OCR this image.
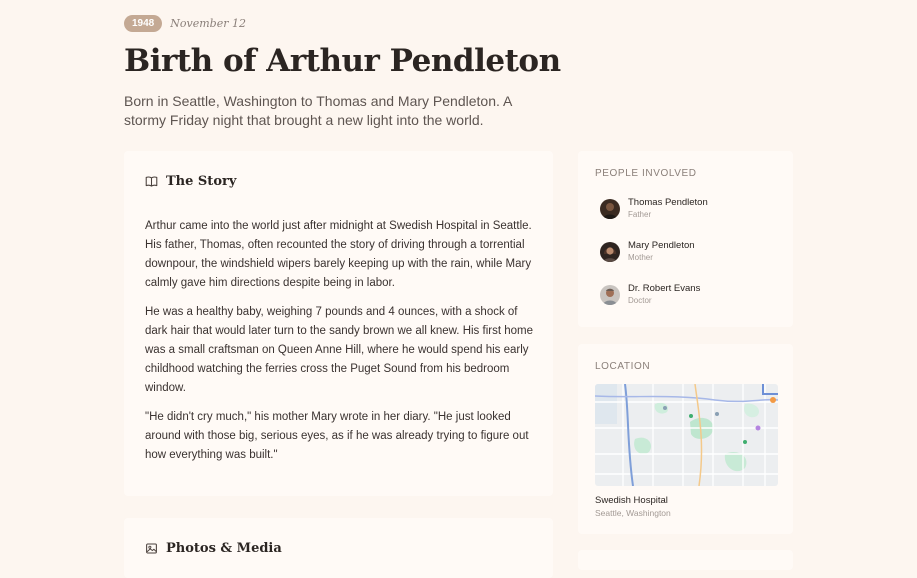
1948	November 12
Birth of Arthur Pendleton
Born in Seattle, Washington to Thomas and Mary Pendleton. A stormy Friday night that brought a new light into the world.
The Story

Arthur came into the world just after midnight at Swedish Hospital in Seattle. His father, Thomas, often recounted the story of driving through a torrential downpour, the windshield wipers barely keeping up with the rain, while Mary calmly gave him directions despite being in labor.

He was a healthy baby, weighing 7 pounds and 4 ounces, with a shock of dark hair that would later turn to the sandy brown we all knew. His first home was a small craftsman on Queen Anne Hill, where he would spend his early childhood watching the ferries cross the Puget Sound from his bedroom window.

"He didn't cry much," his mother Mary wrote in her diary. "He just looked around with those big, serious eyes, as if he was already trying to figure out how everything was built."

Photos & Media
PEOPLE INVOLVED
Thomas Pendleton
Father
Mary Pendleton
Mother
Dr. Robert Evans
Doctor
LOCATION
Swedish Hospital
Seattle, Washington
